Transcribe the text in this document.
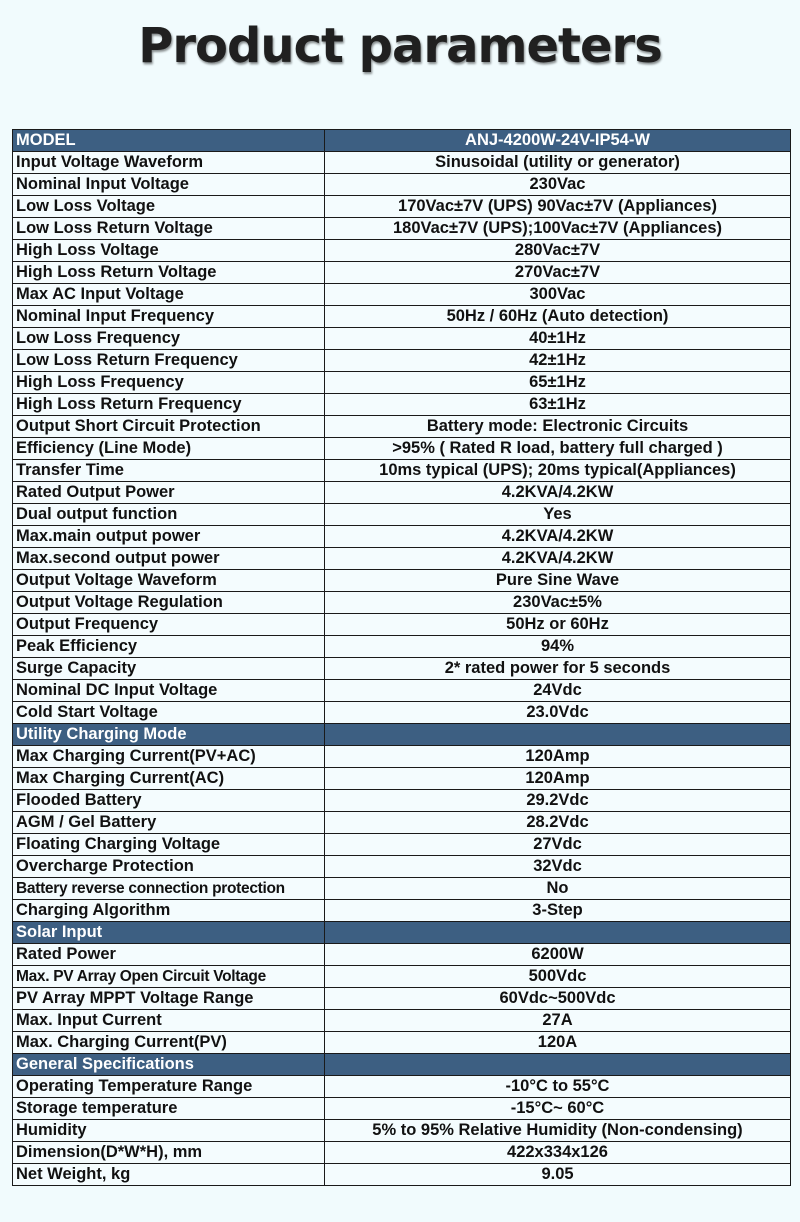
Product parameters
MODEL	ANJ-4200W-24V-IP54-W
Input Voltage Waveform	Sinusoidal (utility or generator)
Nominal Input Voltage	230Vac
Low Loss Voltage	170Vac±7V (UPS) 90Vac±7V (Appliances)
Low Loss Return Voltage	180Vac±7V (UPS);100Vac±7V (Appliances)
High Loss Voltage	280Vac±7V
High Loss Return Voltage	270Vac±7V
Max AC Input Voltage	300Vac
Nominal Input Frequency	50Hz / 60Hz (Auto detection)
Low Loss Frequency	40±1Hz
Low Loss Return Frequency	42±1Hz
High Loss Frequency	65±1Hz
High Loss Return Frequency	63±1Hz
Output Short Circuit Protection	Battery mode: Electronic Circuits
Efficiency (Line Mode)	>95% ( Rated R load, battery full charged )
Transfer Time	10ms typical (UPS); 20ms typical(Appliances)
Rated Output Power	4.2KVA/4.2KW
Dual output function	Yes
Max.main output power	4.2KVA/4.2KW
Max.second output power	4.2KVA/4.2KW
Output Voltage Waveform	Pure Sine Wave
Output Voltage Regulation	230Vac±5%
Output Frequency	50Hz or 60Hz
Peak Efficiency	94%
Surge Capacity	2* rated power for 5 seconds
Nominal DC Input Voltage	24Vdc
Cold Start Voltage	23.0Vdc
Utility Charging Mode	
Max Charging Current(PV+AC)	120Amp
Max Charging Current(AC)	120Amp
Flooded Battery	29.2Vdc
AGM / Gel Battery	28.2Vdc
Floating Charging Voltage	27Vdc
Overcharge Protection	32Vdc
Battery reverse connection protection	No
Charging Algorithm	3-Step
Solar Input	
Rated Power	6200W
Max. PV Array Open Circuit Voltage	500Vdc
PV Array MPPT Voltage Range	60Vdc~500Vdc
Max. Input Current	27A
Max. Charging Current(PV)	120A
General Specifications	
Operating Temperature Range	-10°C to 55°C
Storage temperature	-15°C~ 60°C
Humidity	5% to 95% Relative Humidity (Non-condensing)
Dimension(D*W*H), mm	422x334x126
Net Weight, kg	9.05
